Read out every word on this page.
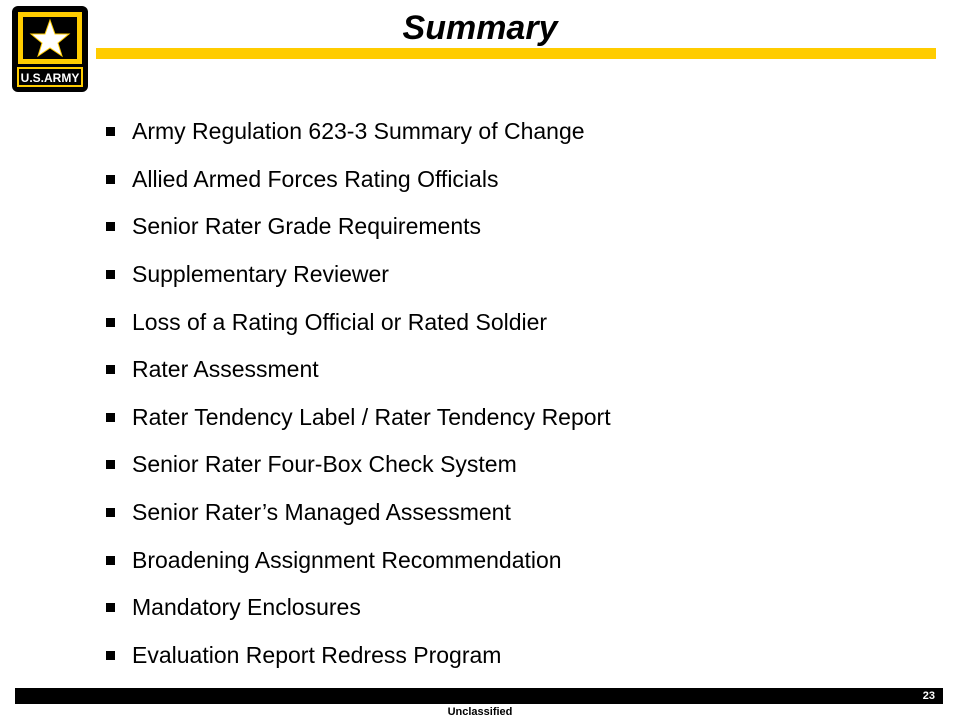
U.S.ARMY
Summary
Army Regulation 623-3 Summary of Change
Allied Armed Forces Rating Officials
Senior Rater Grade Requirements
Supplementary Reviewer
Loss of a Rating Official or Rated Soldier
Rater Assessment
Rater Tendency Label / Rater Tendency Report
Senior Rater Four-Box Check System
Senior Rater’s Managed Assessment
Broadening Assignment Recommendation
Mandatory Enclosures
Evaluation Report Redress Program
23
Unclassified
